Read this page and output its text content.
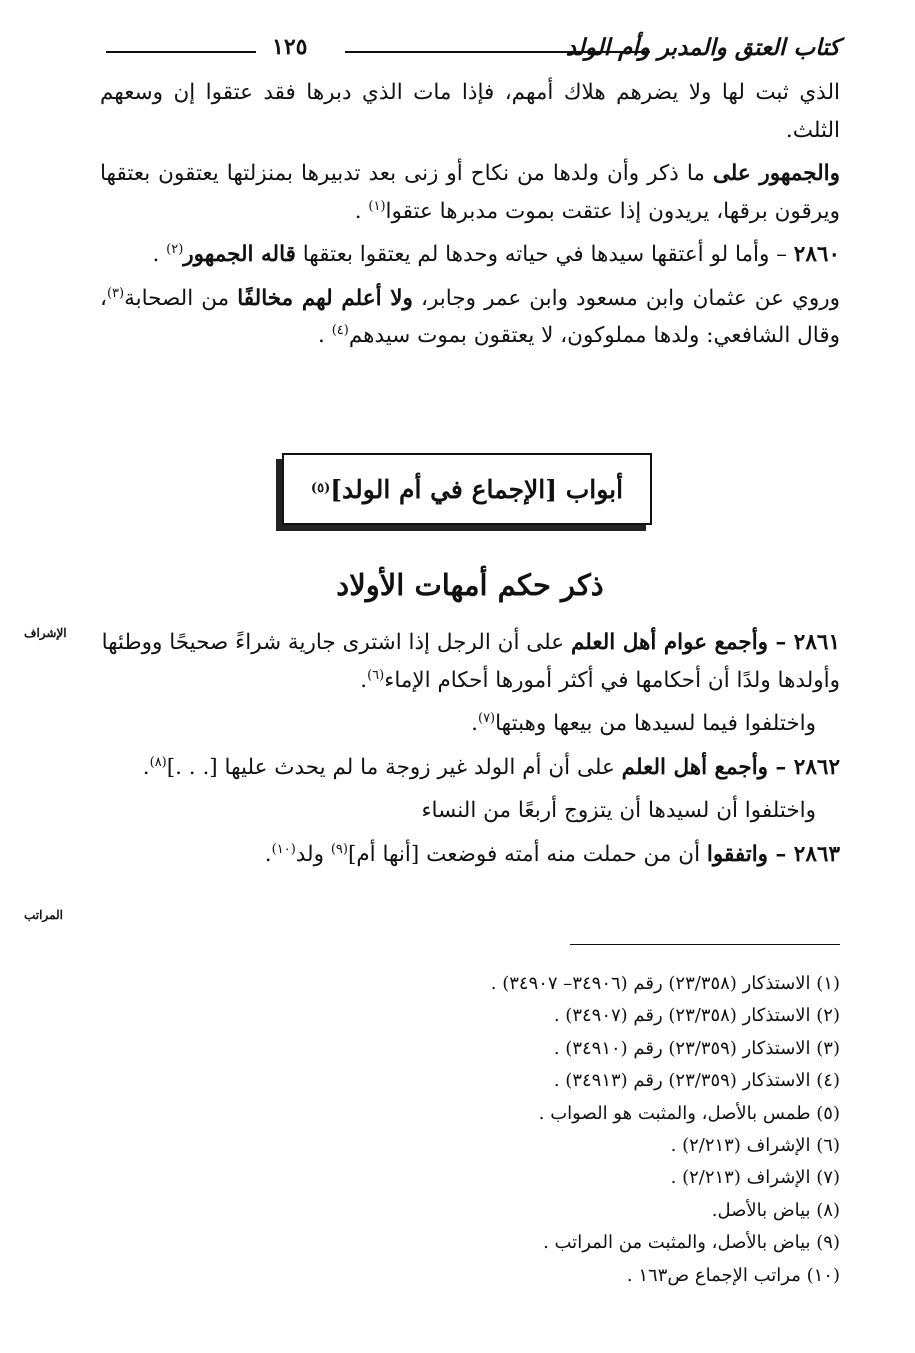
كتاب العتق والمدبر وأم الولد
١٢٥

الذي ثبت لها ولا يضرهم هلاك أمهم، فإذا مات الذي دبرها فقد عتقوا إن وسعهم الثلث.

والجمهور على ما ذكر وأن ولدها من نكاح أو زنى بعد تدبيرها بمنزلتها يعتقون بعتقها ويرقون برقها، يريدون إذا عتقت بموت مدبرها عتقوا$^{(١)}$ .

٢٨٦٠ – وأما لو أعتقها سيدها في حياته وحدها لم يعتقوا بعتقها قاله الجمهور$^{(٢)}$ .

وروي عن عثمان وابن مسعود وابن عمر وجابر، ولا أعلم لهم مخالفًا من الصحابة$^{(٣)}$، وقال الشافعي: ولدها مملوكون، لا يعتقون بموت سيدهم$^{(٤)}$ .

أبواب [الإجماع في أم الولد]
(٥)
ذكر حكم أمهات الأولاد

٢٨٦١ – وأجمع عوام أهل العلم على أن الرجل إذا اشترى جارية شراءً صحيحًا ووطئها وأولدها ولدًا أن أحكامها في أكثر أمورها أحكام الإماء$^{(٦)}$.

واختلفوا فيما لسيدها من بيعها وهبتها$^{(٧)}$.

٢٨٦٢ – وأجمع أهل العلم على أن أم الولد غير زوجة ما لم يحدث عليها [. . .]$^{(٨)}$.

واختلفوا أن لسيدها أن يتزوج أربعًا من النساء

٢٨٦٣ – واتفقوا أن من حملت منه أمته فوضعت [أنها أم]$^{(٩)}$ ولد$^{(١٠)}$.

الإشراف
المراتب
(١) الاستذكار (٢٣/٣٥٨) رقم (٣٤٩٠٦– ٣٤٩٠٧) .
(٢) الاستذكار (٢٣/٣٥٨) رقم (٣٤٩٠٧) .
(٣) الاستذكار (٢٣/٣٥٩) رقم (٣٤٩١٠) .
(٤) الاستذكار (٢٣/٣٥٩) رقم (٣٤٩١٣) .
(٥) طمس بالأصل، والمثبت هو الصواب .
(٦) الإشراف (٢/٢١٣) .
(٧) الإشراف (٢/٢١٣) .
(٨) بياض بالأصل.
(٩) بياض بالأصل، والمثبت من المراتب .
(١٠) مراتب الإجماع ص١٦٣ .
